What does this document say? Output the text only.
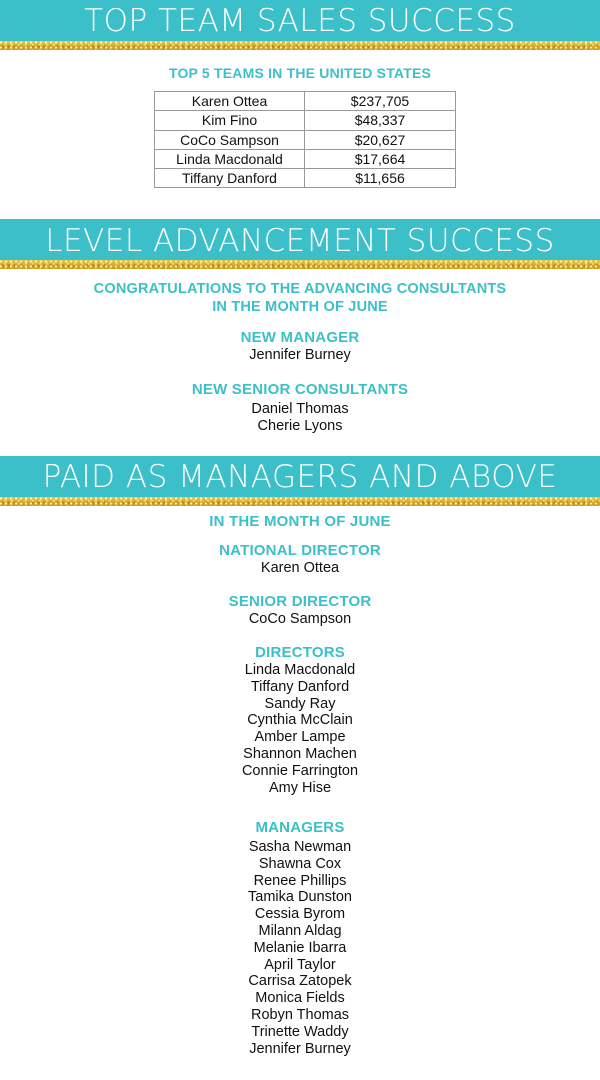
TOP TEAM SALES SUCCESS
TOP 5 TEAMS IN THE UNITED STATES
Karen Ottea	$237,705
Kim Fino	$48,337
CoCo Sampson	$20,627
Linda Macdonald	$17,664
Tiffany Danford	$11,656
LEVEL ADVANCEMENT SUCCESS
CONGRATULATIONS TO THE ADVANCING CONSULTANTS
IN THE MONTH OF JUNE
NEW MANAGER
Jennifer Burney
NEW SENIOR CONSULTANTS
Daniel Thomas
Cherie Lyons
PAID AS MANAGERS AND ABOVE
IN THE MONTH OF JUNE
NATIONAL DIRECTOR
Karen Ottea
SENIOR DIRECTOR
CoCo Sampson
DIRECTORS
Linda Macdonald
Tiffany Danford
Sandy Ray
Cynthia McClain
Amber Lampe
Shannon Machen
Connie Farrington
Amy Hise
MANAGERS
Sasha Newman
Shawna Cox
Renee Phillips
Tamika Dunston
Cessia Byrom
Milann Aldag
Melanie Ibarra
April Taylor
Carrisa Zatopek
Monica Fields
Robyn Thomas
Trinette Waddy
Jennifer Burney
